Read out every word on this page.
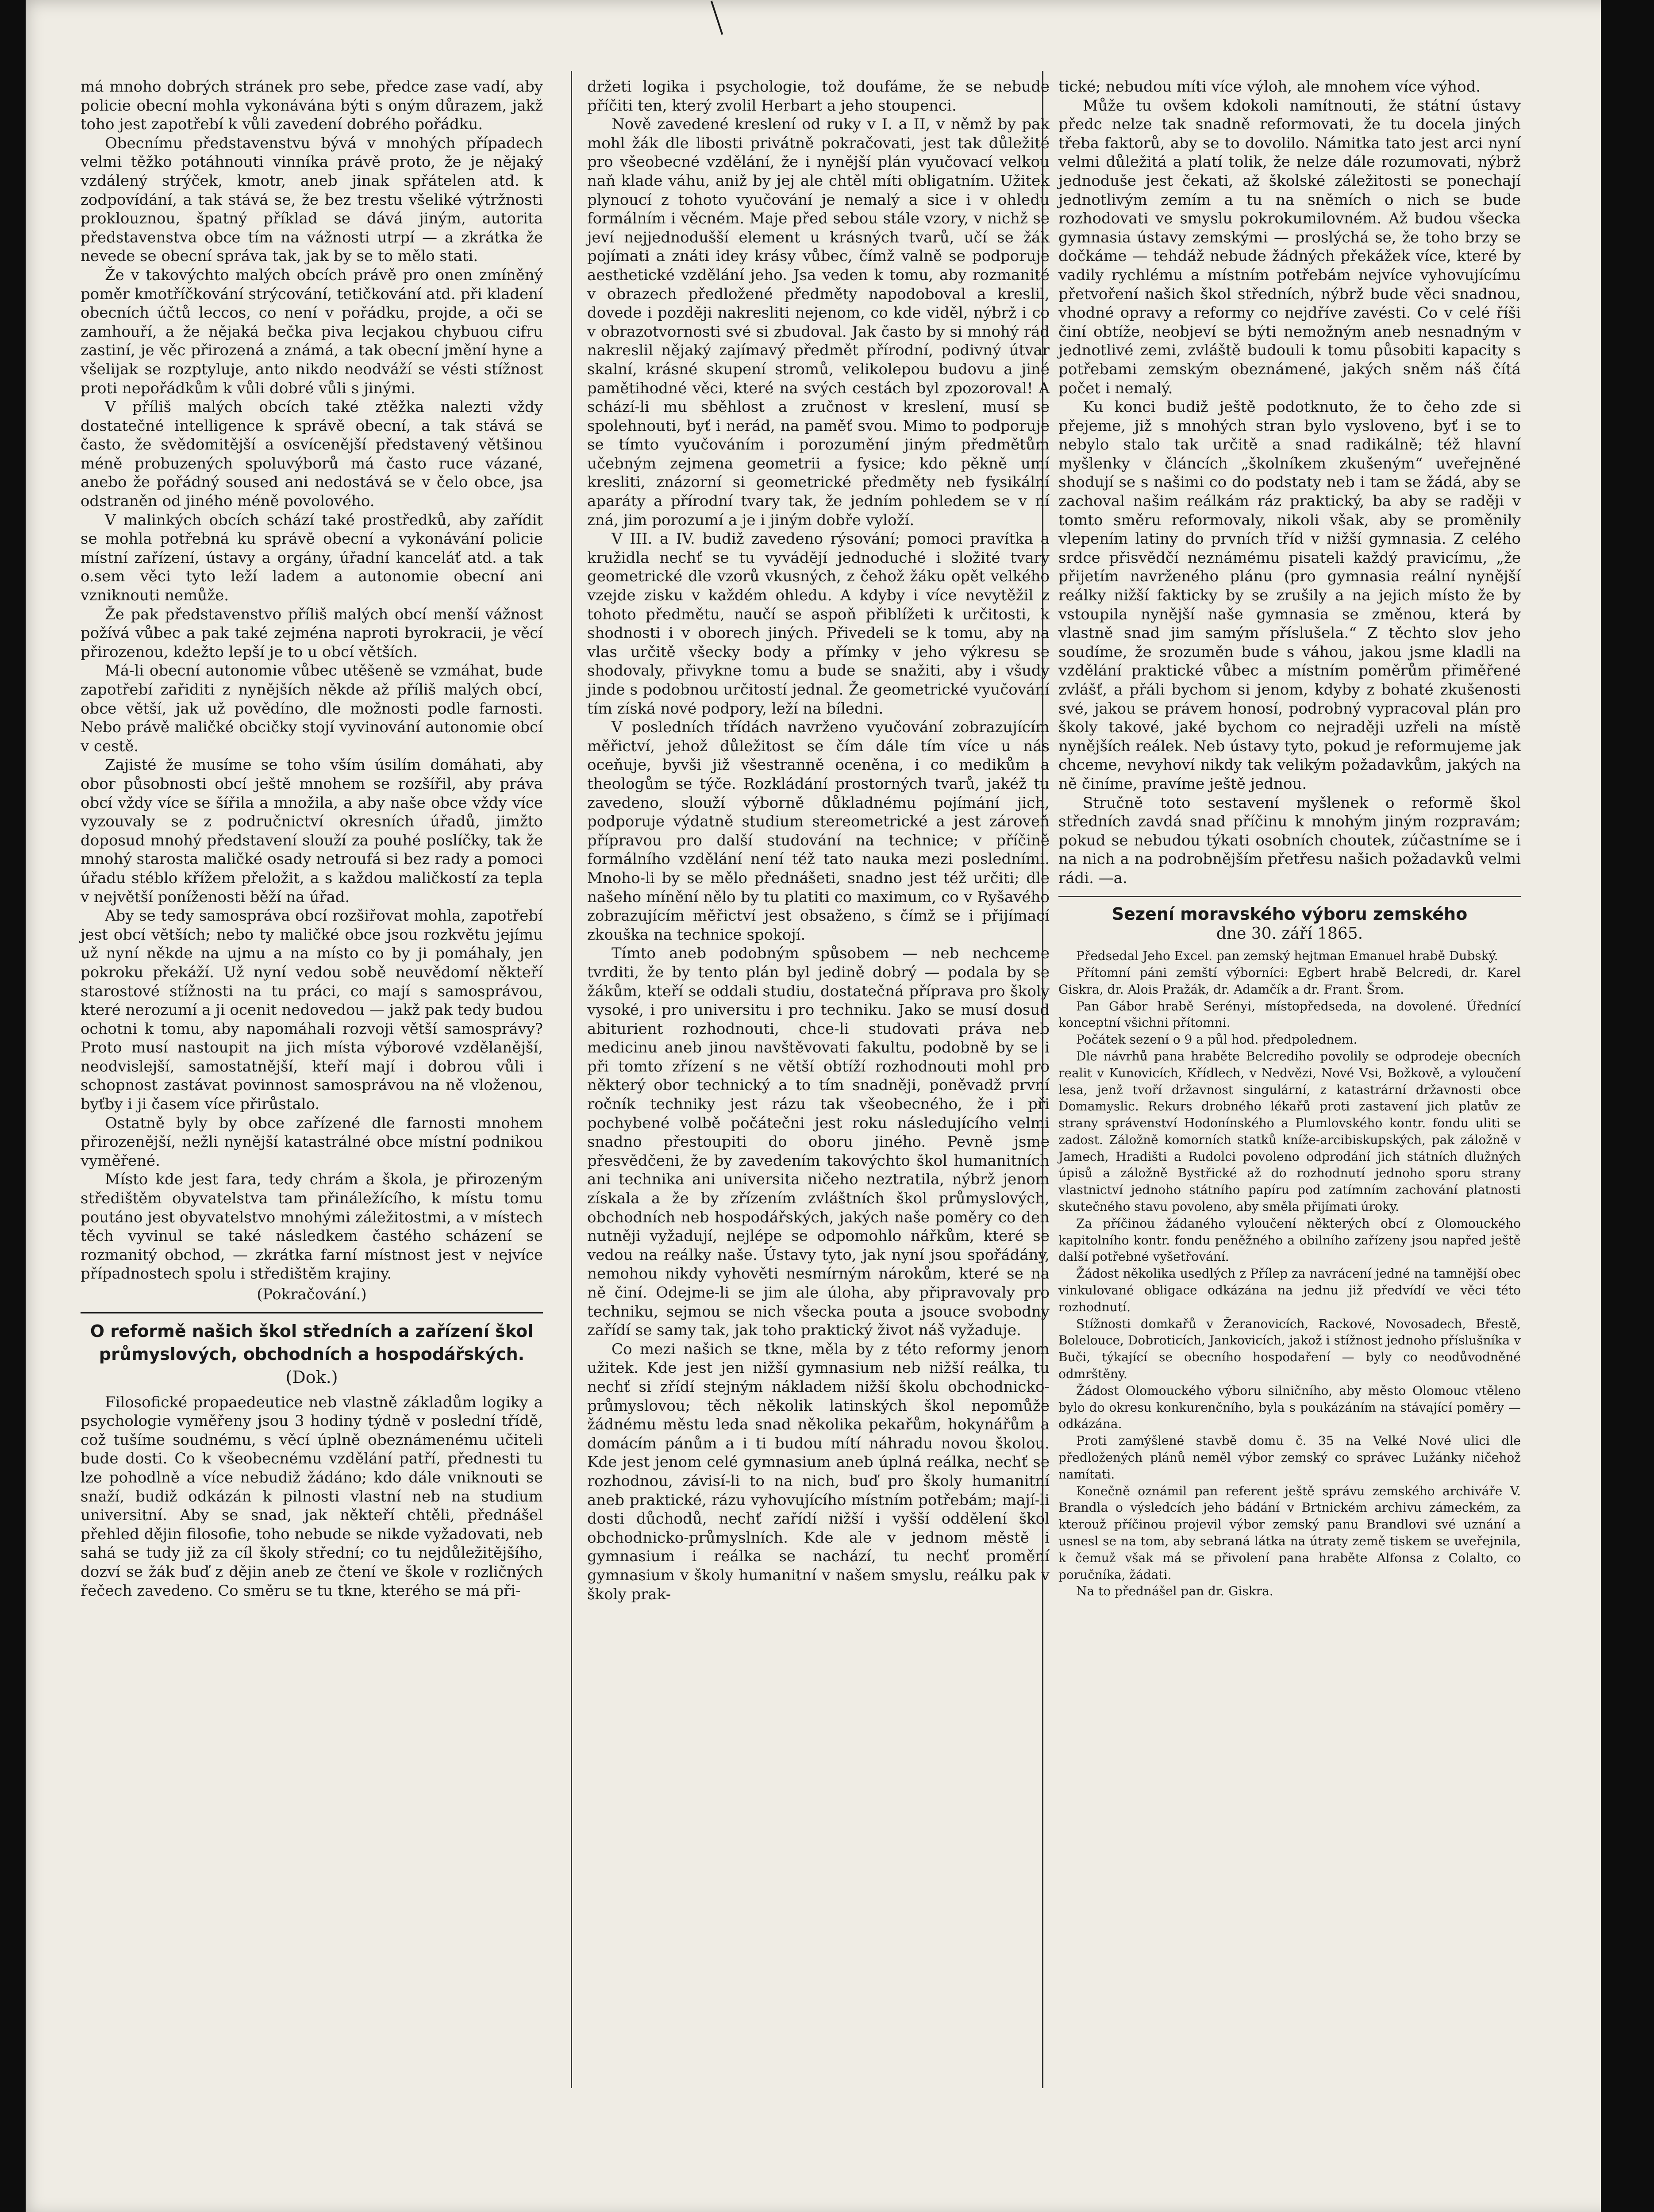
má mnoho dobrých stránek pro sebe, předce zase vadí, aby policie obecní mohla vykonávána býti s oným důrazem, jakž toho jest zapotřebí k vůli zavedení dobrého pořádku.

Obecnímu představenstvu bývá v mnohých případech velmi těžko potáhnouti vinníka právě proto, že je nějaký vzdálený strýček, kmotr, aneb jinak spřátelen atd. k zodpovídání, a tak stává se, že bez trestu všeliké výtržnosti proklouznou, špatný příklad se dává jiným, autorita představenstva obce tím na vážnosti utrpí — a zkrátka že nevede se obecní správa tak, jak by se to mělo stati.

Že v takovýchto malých obcích právě pro onen zmíněný poměr kmotříčkování strýcování, tetičkování atd. při kladení obecních účtů leccos, co není v pořádku, projde, a oči se zamhouří, a že nějaká bečka piva lecjakou chybuou cifru zastiní, je věc přirozená a známá, a tak obecní jmění hyne a všelijak se rozptyluje, anto nikdo neodváží se vésti stížnost proti nepořádkům k vůli dobré vůli s jinými.

V příliš malých obcích také ztěžka nalezti vždy dostatečné intelligence k správě obecní, a tak stává se často, že svědomitější a osvícenější představený většinou méně probuzených spoluvýborů má často ruce vázané, anebo že pořádný soused ani nedostává se v čelo obce, jsa odstraněn od jiného méně povolového.

V malinkých obcích schází také prostředků, aby zařídit se mohla potřebná ku správě obecní a vykonávání policie místní zařízení, ústavy a orgány, úřadní kanceláť atd. a tak o.sem věci tyto leží ladem a autonomie obecní ani vzniknouti nemůže.

Že pak představenstvo příliš malých obcí menší vážnost požívá vůbec a pak také zejména naproti byrokracii, je věcí přirozenou, kdežto lepší je to u obcí větších.

Má-li obecní autonomie vůbec utěšeně se vzmáhat, bude zapotřebí zařiditi z nynějších někde až příliš malých obcí, obce větší, jak už povědíno, dle možnosti podle farnosti. Nebo právě maličké obcičky stojí vyvinování autonomie obcí v cestě.

Zajisté že musíme se toho vším úsilím domáhati, aby obor působnosti obcí ještě mnohem se rozšířil, aby práva obcí vždy více se šířila a množila, a aby naše obce vždy více vyzouvaly se z područnictví okresních úřadů, jimžto doposud mnohý představení slouží za pouhé poslíčky, tak že mnohý starosta maličké osady netroufá si bez rady a pomoci úřadu stéblo křížem přeložit, a s každou maličkostí za tepla v největší poníženosti běží na úřad.

Aby se tedy samospráva obcí rozšiřovat mohla, zapotřebí jest obcí větších; nebo ty maličké obce jsou rozkvětu jejímu už nyní někde na ujmu a na místo co by ji pomáhaly, jen pokroku překáží. Už nyní vedou sobě neuvědomí někteří starostové stížnosti na tu práci, co mají s samosprávou, které nerozumí a ji ocenit nedovedou — jakž pak tedy budou ochotni k tomu, aby napomáhali rozvoji větší samosprávy? Proto musí nastoupit na jich místa výborové vzdělanější, neodvislejší, samostatnější, kteří mají i dobrou vůli i schopnost zastávat povinnost samosprávou na ně vloženou, byťby i ji časem více přirůstalo.

Ostatně byly by obce zařízené dle farnosti mnohem přirozenější, nežli nynější katastrálné obce místní podnikou vyměřené.

Místo kde jest fara, tedy chrám a škola, je přirozeným středištěm obyvatelstva tam přináležícího, k místu tomu poutáno jest obyvatelstvo mnohými záležitostmi, a v místech těch vyvinul se také následkem častého scházení se rozmanitý obchod, — zkrátka farní místnost jest v nejvíce případnostech spolu i středištěm krajiny.

(Pokračování.)

O reformě našich škol středních a zařízení škol průmyslových, obchodních a hospodářských. (Dok.)

Filosofické propaedeutice neb vlastně základům logiky a psychologie vyměřeny jsou 3 hodiny týdně v poslední třídě, což tušíme soudnému, s věcí úplně obeznámenému učiteli bude dosti. Co k všeobecnému vzdělání patří, přednesti tu lze pohodlně a více nebudiž žádáno; kdo dále vniknouti se snaží, budiž odkázán k pilnosti vlastní neb na studium universitní. Aby se snad, jak někteří chtěli, přednášel přehled dějin filosofie, toho nebude se nikde vyžadovati, neb sahá se tudy již za cíl školy střední; co tu nejdůležitějšího, dozví se žák buď z dějin aneb ze čtení ve škole v rozličných řečech zavedeno. Co směru se tu tkne, kterého se má při-

držeti logika i psychologie, tož doufáme, že se nebude příčiti ten, který zvolil Herbart a jeho stoupenci.

Nově zavedené kreslení od ruky v I. a II, v němž by pak mohl žák dle libosti privátně pokračovati, jest tak důležité pro všeobecné vzdělání, že i nynější plán vyučovací velkou naň klade váhu, aniž by jej ale chtěl míti obligatním. Užitek plynoucí z tohoto vyučování je nemalý a sice i v ohledu formálním i věcném. Maje před sebou stále vzory, v nichž se jeví nejjednodušší element u krásných tvarů, učí se žák pojímati a znáti idey krásy vůbec, čímž valně se podporuje aesthetické vzdělání jeho. Jsa veden k tomu, aby rozmanité v obrazech předložené předměty napodoboval a kreslil, dovede i později nakresliti nejenom, co kde viděl, nýbrž i co v obrazotvornosti své si zbudoval. Jak často by si mnohý rád nakreslil nějaký zajímavý předmět přírodní, podivný útvar skalní, krásné skupení stromů, velikolepou budovu a jiné pamětihodné věci, které na svých cestách byl zpozoroval! A schází-li mu sběhlost a zručnost v kreslení, musí se spolehnouti, byť i nerád, na paměť svou. Mimo to podporuje se tímto vyučováním i porozumění jiným předmětům učebným zejmena geometrii a fysice; kdo pěkně umí kresliti, znázorní si geometrické předměty neb fysikální aparáty a přírodní tvary tak, že jedním pohledem se v ní zná, jim porozumí a je i jiným dobře vyloží.

V III. a IV. budiž zavedeno rýsování; pomoci pravítka a kružidla nechť se tu vyvádějí jednoduché i složité tvary geometrické dle vzorů vkusných, z čehož žáku opět velkého vzejde zisku v každém ohledu. A kdyby i více nevytěžil z tohoto předmětu, naučí se aspoň přiblížeti k určitosti, k shodnosti i v oborech jiných. Přivedeli se k tomu, aby na vlas určitě všecky body a přímky v jeho výkresu se shodovaly, přivykne tomu a bude se snažiti, aby i všudy jinde s podobnou určitostí jednal. Že geometrické vyučování tím získá nové podpory, leží na bíledni.

V posledních třídách navrženo vyučování zobrazujícím měřictví, jehož důležitost se čím dále tím více u nás oceňuje, byvši již všestranně oceněna, i co medikům a theologům se týče. Rozkládání prostorných tvarů, jakéž tu zavedeno, slouží výborně důkladnému pojímání jich, podporuje výdatně studium stereometrické a jest zároveň přípravou pro další studování na technice; v příčině formálního vzdělání není též tato nauka mezi posledními. Mnoho-li by se mělo přednášeti, snadno jest též určiti; dle našeho mínění nělo by tu platiti co maximum, co v Ryšavého zobrazujícím měřictví jest obsaženo, s čímž se i přijímací zkouška na technice spokojí.

Tímto aneb podobným spůsobem — neb nechceme tvrditi, že by tento plán byl jedině dobrý — podala by se žákům, kteří se oddali studiu, dostatečná příprava pro školy vysoké, i pro universitu i pro techniku. Jako se musí dosud abiturient rozhodnouti, chce-li studovati práva neb medicinu aneb jinou navštěvovati fakultu, podobně by se i při tomto zřízení s ne větší obtíží rozhodnouti mohl pro některý obor technický a to tím snadněji, poněvadž první ročník techniky jest rázu tak všeobecného, že i při pochybené volbě počátečni jest roku následujícího velmi snadno přestoupiti do oboru jiného. Pevně jsme přesvědčeni, že by zavedením takovýchto škol humanitních ani technika ani universita ničeho neztratila, nýbrž jenom získala a že by zřízením zvláštních škol průmyslových, obchodních neb hospodářských, jakých naše poměry co den nutněji vyžadují, nejlépe se odpomohlo nářkům, které se vedou na reálky naše. Ústavy tyto, jak nyní jsou spořádány, nemohou nikdy vyhověti nesmírným nárokům, které se na ně činí. Odejme-li se jim ale úloha, aby připravovaly pro techniku, sejmou se nich všecka pouta a jsouce svobodny zařídí se samy tak, jak toho praktický život náš vyžaduje.

Co mezi našich se tkne, měla by z této reformy jenom užitek. Kde jest jen nižší gymnasium neb nižší reálka, tu nechť si zřídí stejným nákladem nižší školu obchodnicko-průmyslovou; těch několik latinských škol nepomůže žádnému městu leda snad několika pekařům, hokynářům a domácím pánům a i ti budou mítí náhradu novou školou. Kde jest jenom celé gymnasium aneb úplná reálka, nechť se rozhodnou, závisí-li to na nich, buď pro školy humanitní aneb praktické, rázu vyhovujícího místním potřebám; mají-li dosti důchodů, nechť zařídí nižší i vyšší oddělení škol obchodnicko-průmyslních. Kde ale v jednom městě i gymnasium i reálka se nachází, tu nechť promění gymnasium v školy humanitní v našem smyslu, reálku pak v školy prak-

tické; nebudou míti více výloh, ale mnohem více výhod.

Může tu ovšem kdokoli namítnouti, že státní ústavy předc nelze tak snadně reformovati, že tu docela jiných třeba faktorů, aby se to dovolilo. Námitka tato jest arci nyní velmi důležitá a platí tolik, že nelze dále rozumovati, nýbrž jednoduše jest čekati, až školské záležitosti se ponechají jednotlivým zemím a tu na sněmích o nich se bude rozhodovati ve smyslu pokrokumilovném. Až budou všecka gymnasia ústavy zemskými — proslýchá se, že toho brzy se dočkáme — tehdáž nebude žádných překážek více, které by vadily rychlému a místním potřebám nejvíce vyhovujícímu přetvoření našich škol středních, nýbrž bude věci snadnou, vhodné opravy a reformy co nejdříve zavésti. Co v celé říši činí obtíže, neobjeví se býti nemožným aneb nesnadným v jednotlivé zemi, zvláště budouli k tomu působiti kapacity s potřebami zemským obeznámené, jakých sněm náš čítá počet i nemalý.

Ku konci budiž ještě podotknuto, že to čeho zde si přejeme, již s mnohých stran bylo vysloveno, byť i se to nebylo stalo tak určitě a snad radikálně; též hlavní myšlenky v článcích „školníkem zkušeným“ uveřejněné shodují se s našimi co do podstaty neb i tam se žádá, aby se zachoval našim reálkám ráz praktický, ba aby se raději v tomto směru reformovaly, nikoli však, aby se proměnily vlepením latiny do prvních tříd v nižší gymnasia. Z celého srdce přisvědčí neznámému pisateli každý pravicímu, „že přijetím navrženého plánu (pro gymnasia reální nynější reálky nižší fakticky by se zrušily a na jejich místo že by vstoupila nynější naše gymnasia se změnou, která by vlastně snad jim samým příslušela.“ Z těchto slov jeho soudíme, že srozuměn bude s váhou, jakou jsme kladli na vzdělání praktické vůbec a místním poměrům přiměřené zvlášť, a přáli bychom si jenom, kdyby z bohaté zkušenosti své, jakou se právem honosí, podrobný vypracoval plán pro školy takové, jaké bychom co nejraději uzřeli na místě nynějších reálek. Neb ústavy tyto, pokud je reformujeme jak chceme, nevyhoví nikdy tak velikým požadavkům, jakých na ně činíme, pravíme ještě jednou.

Stručně toto sestavení myšlenek o reformě škol středních zavdá snad příčinu k mnohým jiným rozpravám; pokud se nebudou týkati osobních choutek, zúčastníme se i na nich a na podrobnějším přetřesu našich požadavků velmi rádi. —a.

Sezení moravského výboru zemského

dne 30. září 1865.

Předsedal Jeho Excel. pan zemský hejtman Emanuel hrabě Dubský.

Přítomní páni zemští výborníci: Egbert hrabě Belcredi, dr. Karel Giskra, dr. Alois Pražák, dr. Adamčík a dr. Frant. Šrom.

Pan Gábor hrabě Serényi, místopředseda, na dovolené. Úřednící konceptní všichni přítomni.

Počátek sezení o 9 a půl hod. předpolednem.

Dle návrhů pana hraběte Belcrediho povolily se odprodeje obecních realit v Kunovicích, Křídlech, v Nedvězi, Nové Vsi, Božkově, a vyloučení lesa, jenž tvoří državnost singulární, z katastrární državnosti obce Domamyslic. Rekurs drobného lékařů proti zastavení jich platův ze strany správenství Hodonínského a Plumlovského kontr. fondu uliti se zadost. Záložně komorních statků kníže-arcibiskupských, pak záložně v Jamech, Hradišti a Rudolci povoleno odprodání jich státních dlužných úpisů a záložně Bystřické až do rozhodnutí jednoho sporu strany vlastnictví jednoho státního papíru pod zatímním zachování platnosti skutečného stavu povoleno, aby směla přijímati úroky.

Za příčinou žádaného vyloučení některých obcí z Olomouckého kapitolního kontr. fondu peněžného a obilního zařízeny jsou napřed ještě další potřebné vyšetřování.

Žádost několika usedlých z Přílep za navrácení jedné na tamnější obec vinkulované obligace odkázána na jednu již předvídí ve věci této rozhodnutí.

Stížnosti domkařů v Žeranovicích, Rackové, Novosadech, Břestě, Bolelouce, Dobroticích, Jankovicích, jakož i stížnost jednoho příslušníka v Buči, týkající se obecního hospodaření — byly co neodůvodněné odmrštěny.

Žádost Olomouckého výboru silničního, aby město Olomouc vtěleno bylo do okresu konkurenčního, byla s poukázáním na stávající poměry — odkázána.

Proti zamýšlené stavbě domu č. 35 na Velké Nové ulici dle předložených plánů neměl výbor zemský co správec Lužánky ničehož namítati.

Konečně oznámil pan referent ještě správu zemského archiváře V. Brandla o výsledcích jeho bádání v Brtnickém archivu zámeckém, za kterouž příčinou projevil výbor zemský panu Brandlovi své uznání a usnesl se na tom, aby sebraná látka na útraty země tiskem se uveřejnila, k čemuž však má se přivolení pana hraběte Alfonsa z Colalto, co poručníka, žádati.

Na to přednášel pan dr. Giskra.
